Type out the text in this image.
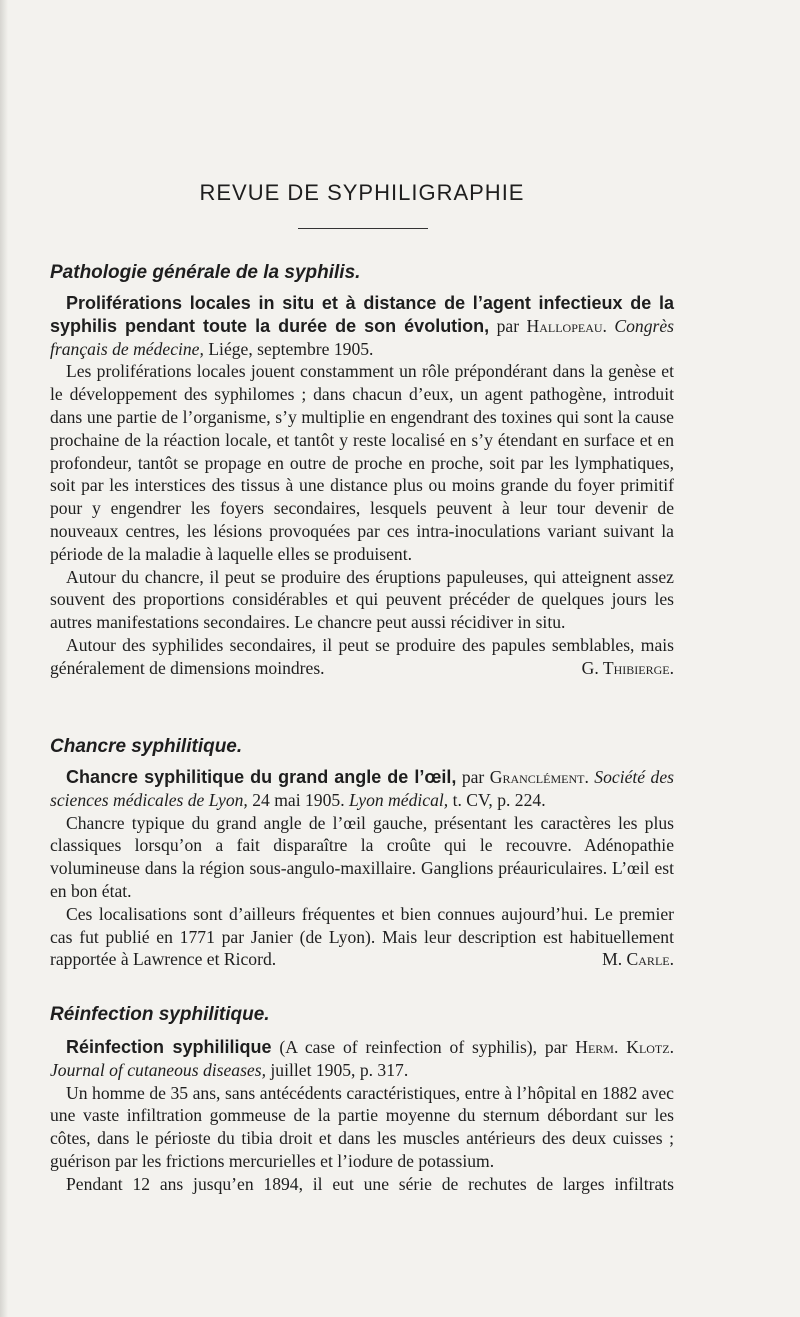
REVUE DE SYPHILIGRAPHIE
Pathologie générale de la syphilis.

Proliférations locales in situ et à distance de l’agent infectieux de la syphilis pendant toute la durée de son évolution, par Hallopeau. Congrès français de médecine, Liége, septembre 1905.

Les proliférations locales jouent constamment un rôle prépondérant dans la genèse et le développement des syphilomes ; dans chacun d’eux, un agent pathogène, introduit dans une partie de l’organisme, s’y multiplie en engendrant des toxines qui sont la cause prochaine de la réaction locale, et tantôt y reste localisé en s’y étendant en surface et en profondeur, tantôt se propage en outre de proche en proche, soit par les lymphatiques, soit par les interstices des tissus à une distance plus ou moins grande du foyer primitif pour y engendrer les foyers secondaires, lesquels peuvent à leur tour devenir de nouveaux centres, les lésions provoquées par ces intra-inoculations variant suivant la période de la maladie à laquelle elles se produisent.

Autour du chancre, il peut se produire des éruptions papuleuses, qui atteignent assez souvent des proportions considérables et qui peuvent précéder de quelques jours les autres manifestations secondaires. Le chancre peut aussi récidiver in situ.

Autour des syphilides secondaires, il peut se produire des papules semblables, mais généralement de dimensions moindres.	G. Thibierge.

Chancre syphilitique.

Chancre syphilitique du grand angle de l’œil, par Granclément. Société des sciences médicales de Lyon, 24 mai 1905. Lyon médical, t. CV, p. 224.

Chancre typique du grand angle de l’œil gauche, présentant les caractères les plus classiques lorsqu’on a fait disparaître la croûte qui le recouvre. Adénopathie volumineuse dans la région sous-angulo-maxillaire. Ganglions préauriculaires. L’œil est en bon état.

Ces localisations sont d’ailleurs fréquentes et bien connues aujourd’hui. Le premier cas fut publié en 1771 par Janier (de Lyon). Mais leur description est habituellement rapportée à Lawrence et Ricord.	M. Carle.

Réinfection syphilitique.

Réinfection syphililique (A case of reinfection of syphilis), par Herm. Klotz. Journal of cutaneous diseases, juillet 1905, p. 317.

Un homme de 35 ans, sans antécédents caractéristiques, entre à l’hôpital en 1882 avec une vaste infiltration gommeuse de la partie moyenne du sternum débordant sur les côtes, dans le périoste du tibia droit et dans les muscles antérieurs des deux cuisses ; guérison par les frictions mercurielles et l’iodure de potassium.

Pendant 12 ans jusqu’en 1894, il eut une série de rechutes de larges infiltrats
